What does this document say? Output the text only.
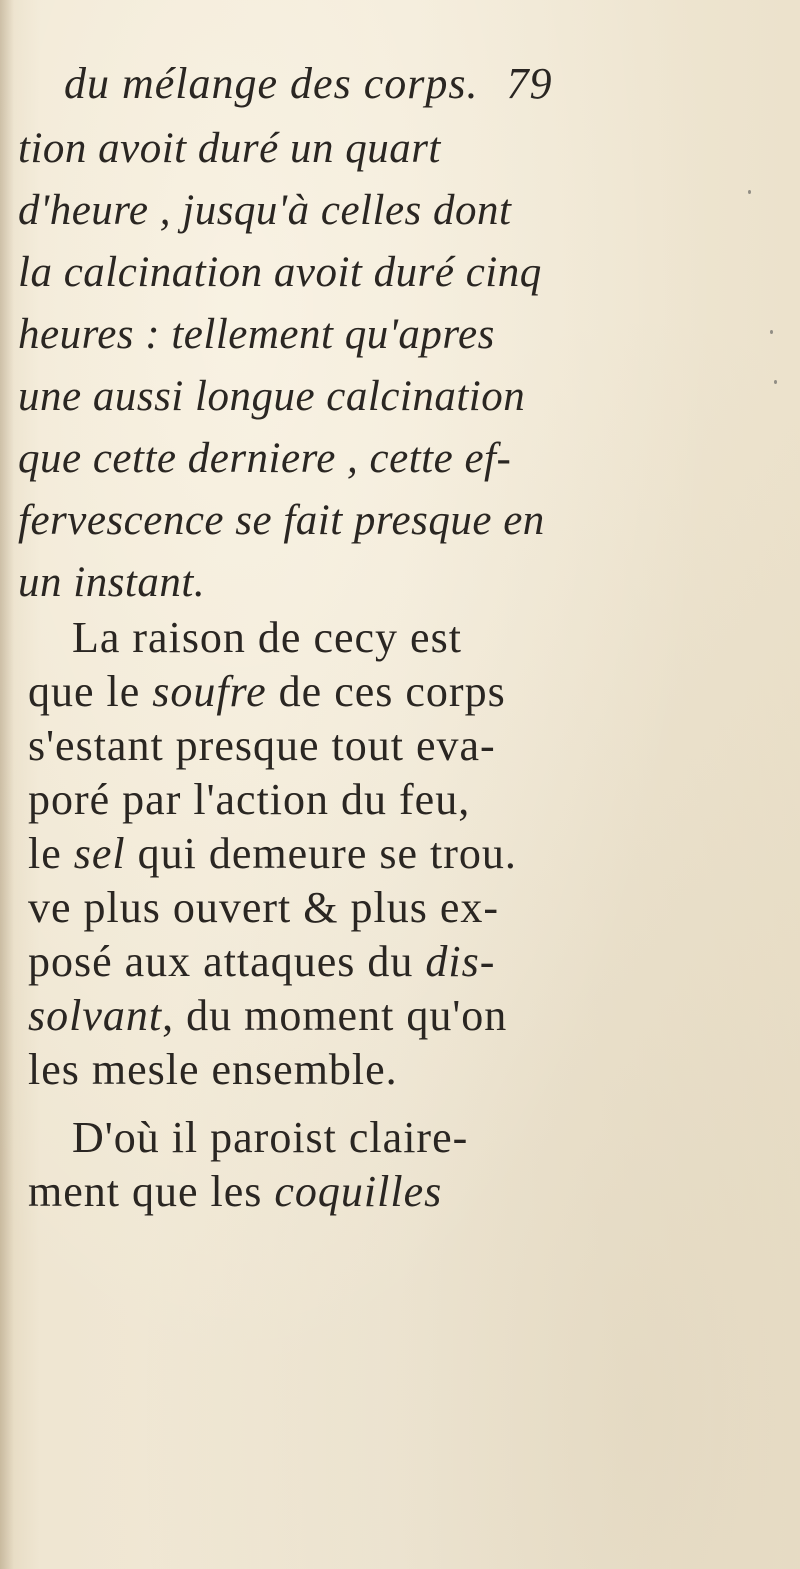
du mélange des corps. 79
tion avoit duré un quart
d'heure , jusqu'à celles dont
la calcination avoit duré cinq
heures : tellement qu'apres
une aussi longue calcination
que cette derniere , cette ef-
fervescence se fait presque en
un instant.
La raison de cecy est
que le soufre de ces corps
s'estant presque tout eva-
poré par l'action du feu,
le sel qui demeure se trou.
ve plus ouvert & plus ex-
posé aux attaques du dis-
solvant, du moment qu'on
les mesle ensemble.
D'où il paroist claire-
ment que les coquilles
